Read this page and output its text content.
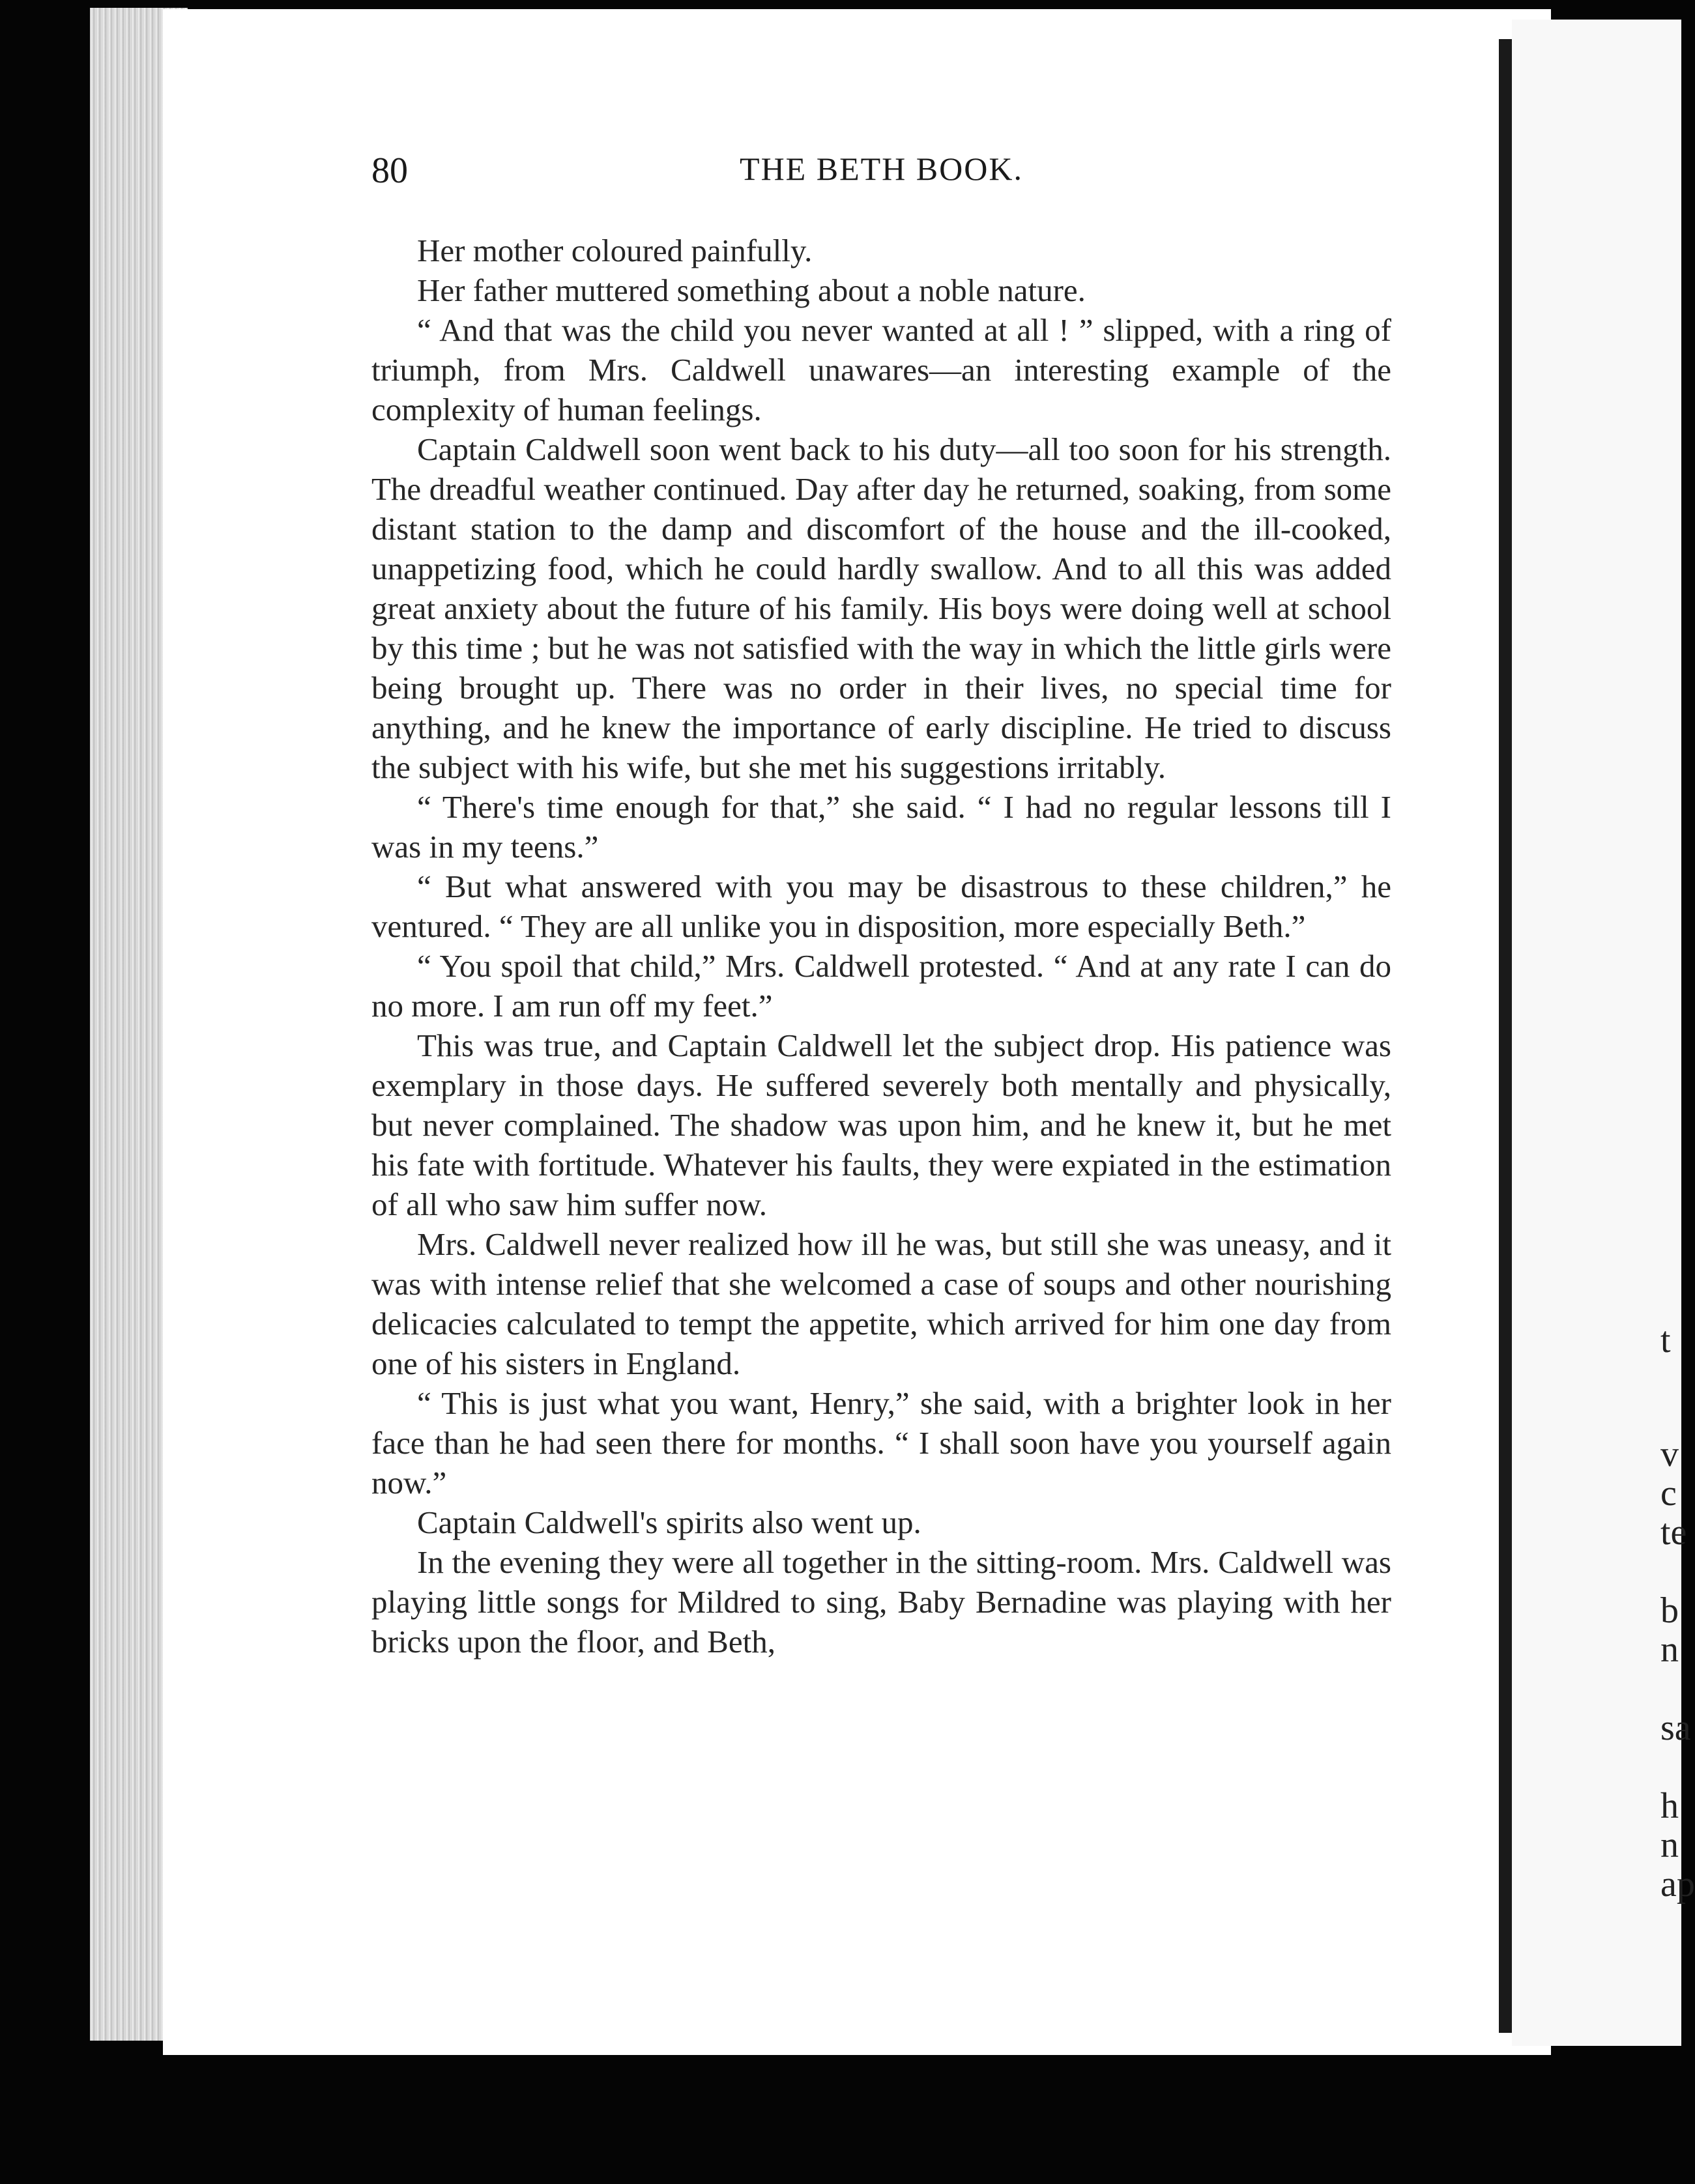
t
v
c
te
b
n
sa
h
n
ap
80	THE BETH BOOK.

Her mother coloured painfully.

Her father muttered something about a noble nature.

“ And that was the child you never wanted at all ! ” slipped, with a ring of triumph, from Mrs. Caldwell unawares—an interesting example of the complexity of human feelings.

Captain Caldwell soon went back to his duty—all too soon for his strength. The dreadful weather continued. Day after day he returned, soaking, from some distant station to the damp and discomfort of the house and the ill-cooked, unappetizing food, which he could hardly swallow. And to all this was added great anxiety about the future of his family. His boys were doing well at school by this time ; but he was not satisfied with the way in which the little girls were being brought up. There was no order in their lives, no special time for anything, and he knew the importance of early discipline. He tried to discuss the subject with his wife, but she met his suggestions irritably.

“ There's time enough for that,” she said. “ I had no regular lessons till I was in my teens.”

“ But what answered with you may be disastrous to these children,” he ventured. “ They are all unlike you in disposition, more especially Beth.”

“ You spoil that child,” Mrs. Caldwell protested. “ And at any rate I can do no more. I am run off my feet.”

This was true, and Captain Caldwell let the subject drop. His patience was exemplary in those days. He suffered severely both mentally and physically, but never complained. The shadow was upon him, and he knew it, but he met his fate with fortitude. Whatever his faults, they were expiated in the estimation of all who saw him suffer now.

Mrs. Caldwell never realized how ill he was, but still she was uneasy, and it was with intense relief that she welcomed a case of soups and other nourishing delicacies calculated to tempt the appetite, which arrived for him one day from one of his sisters in England.

“ This is just what you want, Henry,” she said, with a brighter look in her face than he had seen there for months. “ I shall soon have you yourself again now.”

Captain Caldwell's spirits also went up.

In the evening they were all together in the sitting-room. Mrs. Caldwell was playing little songs for Mildred to sing, Baby Bernadine was playing with her bricks upon the floor, and Beth,
